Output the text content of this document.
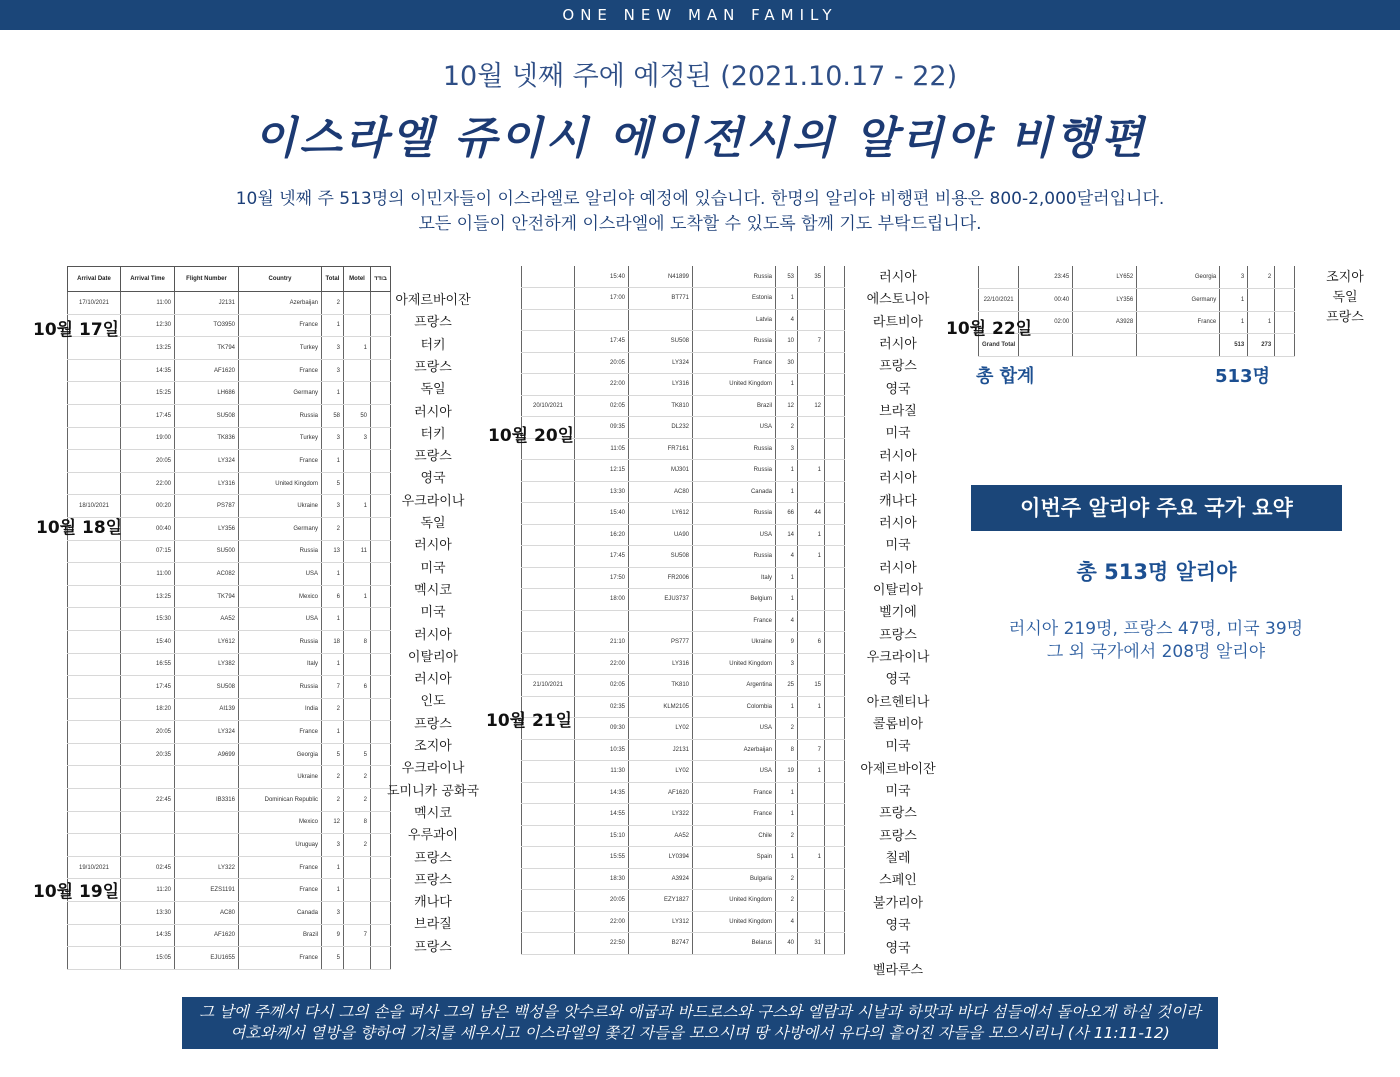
ONE NEW MAN FAMILY
10월 넷째 주에 예정된 (2021.10.17 - 22)
이스라엘 쥬이시 에이전시의 알리야 비행편
10월 넷째 주 513명의 이민자들이 이스라엘로 알리야 예정에 있습니다. 한명의 알리야 비행편 비용은 800-2,000달러입니다.
모든 이들이 안전하게 이스라엘에 도착할 수 있도록 함께 기도 부탁드립니다.
Arrival Date	Arrival Time	Flight Number	Country	Total	Motel	בודד
17/10/2021	11:00	J2131	Azerbaijan	2		
	12:30	TO3950	France	1		
	13:25	TK794	Turkey	3	1	
	14:35	AF1620	France	3		
	15:25	LH686	Germany	1		
	17:45	SU508	Russia	58	50	
	19:00	TK836	Turkey	3	3	
	20:05	LY324	France	1		
	22:00	LY316	United Kingdom	5		
18/10/2021	00:20	PS787	Ukraine	3	1	
	00:40	LY356	Germany	2		
	07:15	SU500	Russia	13	11	
	11:00	AC082	USA	1		
	13:25	TK794	Mexico	6	1	
	15:30	AA52	USA	1		
	15:40	LY612	Russia	18	8	
	16:55	LY382	Italy	1		
	17:45	SU508	Russia	7	6	
	18:20	AI139	India	2		
	20:05	LY324	France	1		
	20:35	A9699	Georgia	5	5	
			Ukraine	2	2	
	22:45	IB3316	Dominican Republic	2	2	
			Mexico	12	8	
			Uruguay	3	2	
19/10/2021	02:45	LY322	France	1		
	11:20	EZS1191	France	1		
	13:30	AC80	Canada	3		
	14:35	AF1620	Brazil	9	7	
	15:05	EJU1655	France	5		
	15:40	N41899	Russia	53	35	
	17:00	BT771	Estonia	1		
			Latvia	4		
	17:45	SU508	Russia	10	7	
	20:05	LY324	France	30		
	22:00	LY316	United Kingdom	1		
20/10/2021	02:05	TK810	Brazil	12	12	
	09:35	DL232	USA	2		
	11:05	FR7161	Russia	3		
	12:15	MJ301	Russia	1	1	
	13:30	AC80	Canada	1		
	15:40	LY612	Russia	66	44	
	16:20	UA90	USA	14	1	
	17:45	SU508	Russia	4	1	
	17:50	FR2006	Italy	1		
	18:00	EJU3737	Belgium	1		
			France	4		
	21:10	PS777	Ukraine	9	6	
	22:00	LY316	United Kingdom	3		
21/10/2021	02:05	TK810	Argentina	25	15	
	02:35	KLM2105	Colombia	1	1	
	09:30	LY02	USA	2		
	10:35	J2131	Azerbaijan	8	7	
	11:30	LY02	USA	19	1	
	14:35	AF1620	France	1		
	14:55	LY322	France	1		
	15:10	AA52	Chile	2		
	15:55	LY0394	Spain	1	1	
	18:30	A3924	Bulgaria	2		
	20:05	EZY1827	United Kingdom	2		
	22:00	LY312	United Kingdom	4		
	22:50	B2747	Belarus	40	31	
	23:45	LY652	Georgia	3	2	
22/10/2021	00:40	LY356	Germany	1		
	02:00	A3928	France	1	1	
Grand Total				513	273	
아제르바이잔
프랑스
터키
프랑스
독일
러시아
터키
프랑스
영국
우크라이나
독일
러시아
미국
멕시코
미국
러시아
이탈리아
러시아
인도
프랑스
조지아
우크라이나
도미니카 공화국
멕시코
우루과이
프랑스
프랑스
캐나다
브라질
프랑스
러시아
에스토니아
라트비아
러시아
프랑스
영국
브라질
미국
러시아
러시아
캐나다
러시아
미국
러시아
이탈리아
벨기에
프랑스
우크라이나
영국
아르헨티나
콜롬비아
미국
아제르바이잔
미국
프랑스
프랑스
칠레
스페인
불가리아
영국
영국
벨라루스
조지아
독일
프랑스
10월 17일
10월 18일
10월 19일
10월 20일
10월 21일
10월 22일
총 합계	513명
이번주 알리야 주요 국가 요약
총 513명 알리야
러시아 219명, 프랑스 47명, 미국 39명
그 외 국가에서 208명 알리야
그 날에 주께서 다시 그의 손을 펴사 그의 남은 백성을 앗수르와 애굽과 바드로스와 구스와 엘람과 시날과 하맛과 바다 섬들에서 돌아오게 하실 것이라
여호와께서 열방을 향하여 기치를 세우시고 이스라엘의 쫓긴 자들을 모으시며 땅 사방에서 유다의 흩어진 자들을 모으시리니 (사 11:11-12)
